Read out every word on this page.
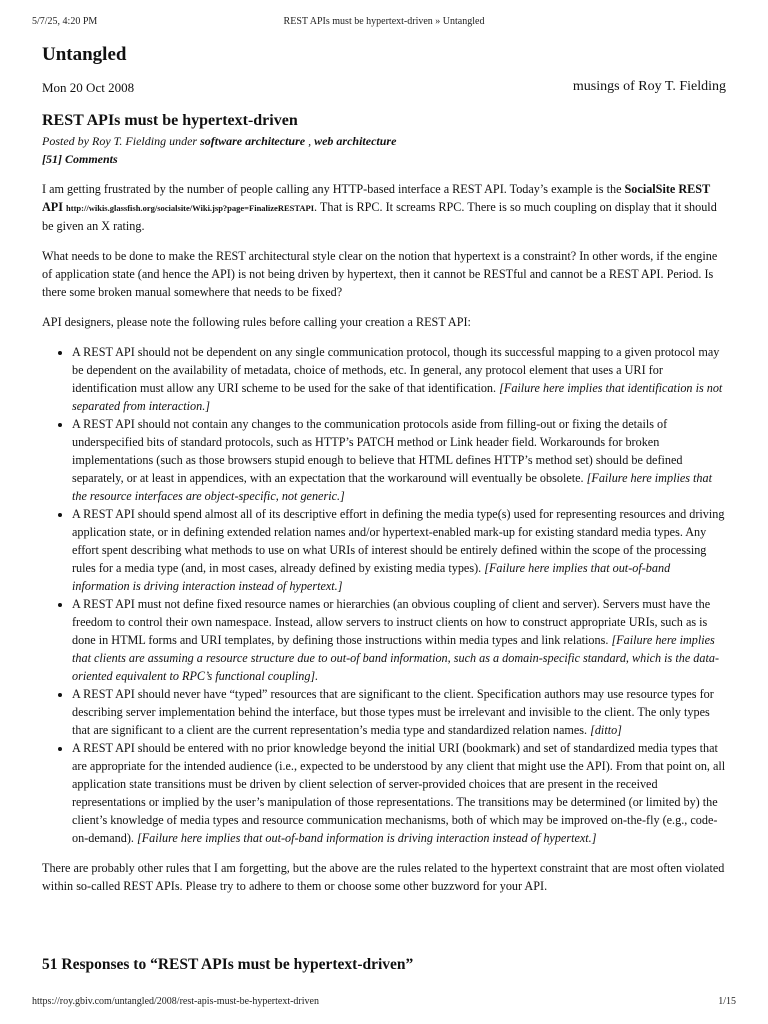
5/7/25, 4:20 PM	REST APIs must be hypertext-driven » Untangled
Untangled
Mon 20 Oct 2008	musings of Roy T. Fielding
REST APIs must be hypertext-driven
Posted by Roy T. Fielding under software architecture , web architecture
[51] Comments

I am getting frustrated by the number of people calling any HTTP-based interface a REST API. Today’s example is the SocialSite REST API http://wikis.glassfish.org/socialsite/Wiki.jsp?page=FinalizeRESTAPI. That is RPC. It screams RPC. There is so much coupling on display that it should be given an X rating.

What needs to be done to make the REST architectural style clear on the notion that hypertext is a constraint? In other words, if the engine of application state (and hence the API) is not being driven by hypertext, then it cannot be RESTful and cannot be a REST API. Period. Is there some broken manual somewhere that needs to be fixed?

API designers, please note the following rules before calling your creation a REST API:

• A REST API should not be dependent on any single communication protocol, though its successful mapping to a given protocol may be dependent on the availability of metadata, choice of methods, etc. In general, any protocol element that uses a URI for identification must allow any URI scheme to be used for the sake of that identification. [Failure here implies that identification is not separated from interaction.]
• A REST API should not contain any changes to the communication protocols aside from filling-out or fixing the details of underspecified bits of standard protocols, such as HTTP’s PATCH method or Link header field. Workarounds for broken implementations (such as those browsers stupid enough to believe that HTML defines HTTP’s method set) should be defined separately, or at least in appendices, with an expectation that the workaround will eventually be obsolete. [Failure here implies that the resource interfaces are object-specific, not generic.]
• A REST API should spend almost all of its descriptive effort in defining the media type(s) used for representing resources and driving application state, or in defining extended relation names and/or hypertext-enabled mark-up for existing standard media types. Any effort spent describing what methods to use on what URIs of interest should be entirely defined within the scope of the processing rules for a media type (and, in most cases, already defined by existing media types). [Failure here implies that out-of-band information is driving interaction instead of hypertext.]
• A REST API must not define fixed resource names or hierarchies (an obvious coupling of client and server). Servers must have the freedom to control their own namespace. Instead, allow servers to instruct clients on how to construct appropriate URIs, such as is done in HTML forms and URI templates, by defining those instructions within media types and link relations. [Failure here implies that clients are assuming a resource structure due to out-of band information, such as a domain-specific standard, which is the data-oriented equivalent to RPC’s functional coupling].
• A REST API should never have “typed” resources that are significant to the client. Specification authors may use resource types for describing server implementation behind the interface, but those types must be irrelevant and invisible to the client. The only types that are significant to a client are the current representation’s media type and standardized relation names. [ditto]
• A REST API should be entered with no prior knowledge beyond the initial URI (bookmark) and set of standardized media types that are appropriate for the intended audience (i.e., expected to be understood by any client that might use the API). From that point on, all application state transitions must be driven by client selection of server-provided choices that are present in the received representations or implied by the user’s manipulation of those representations. The transitions may be determined (or limited by) the client’s knowledge of media types and resource communication mechanisms, both of which may be improved on-the-fly (e.g., code-on-demand). [Failure here implies that out-of-band information is driving interaction instead of hypertext.]

There are probably other rules that I am forgetting, but the above are the rules related to the hypertext constraint that are most often violated within so-called REST APIs. Please try to adhere to them or choose some other buzzword for your API.

51 Responses to “REST APIs must be hypertext-driven”
https://roy.gbiv.com/untangled/2008/rest-apis-must-be-hypertext-driven	1/15
